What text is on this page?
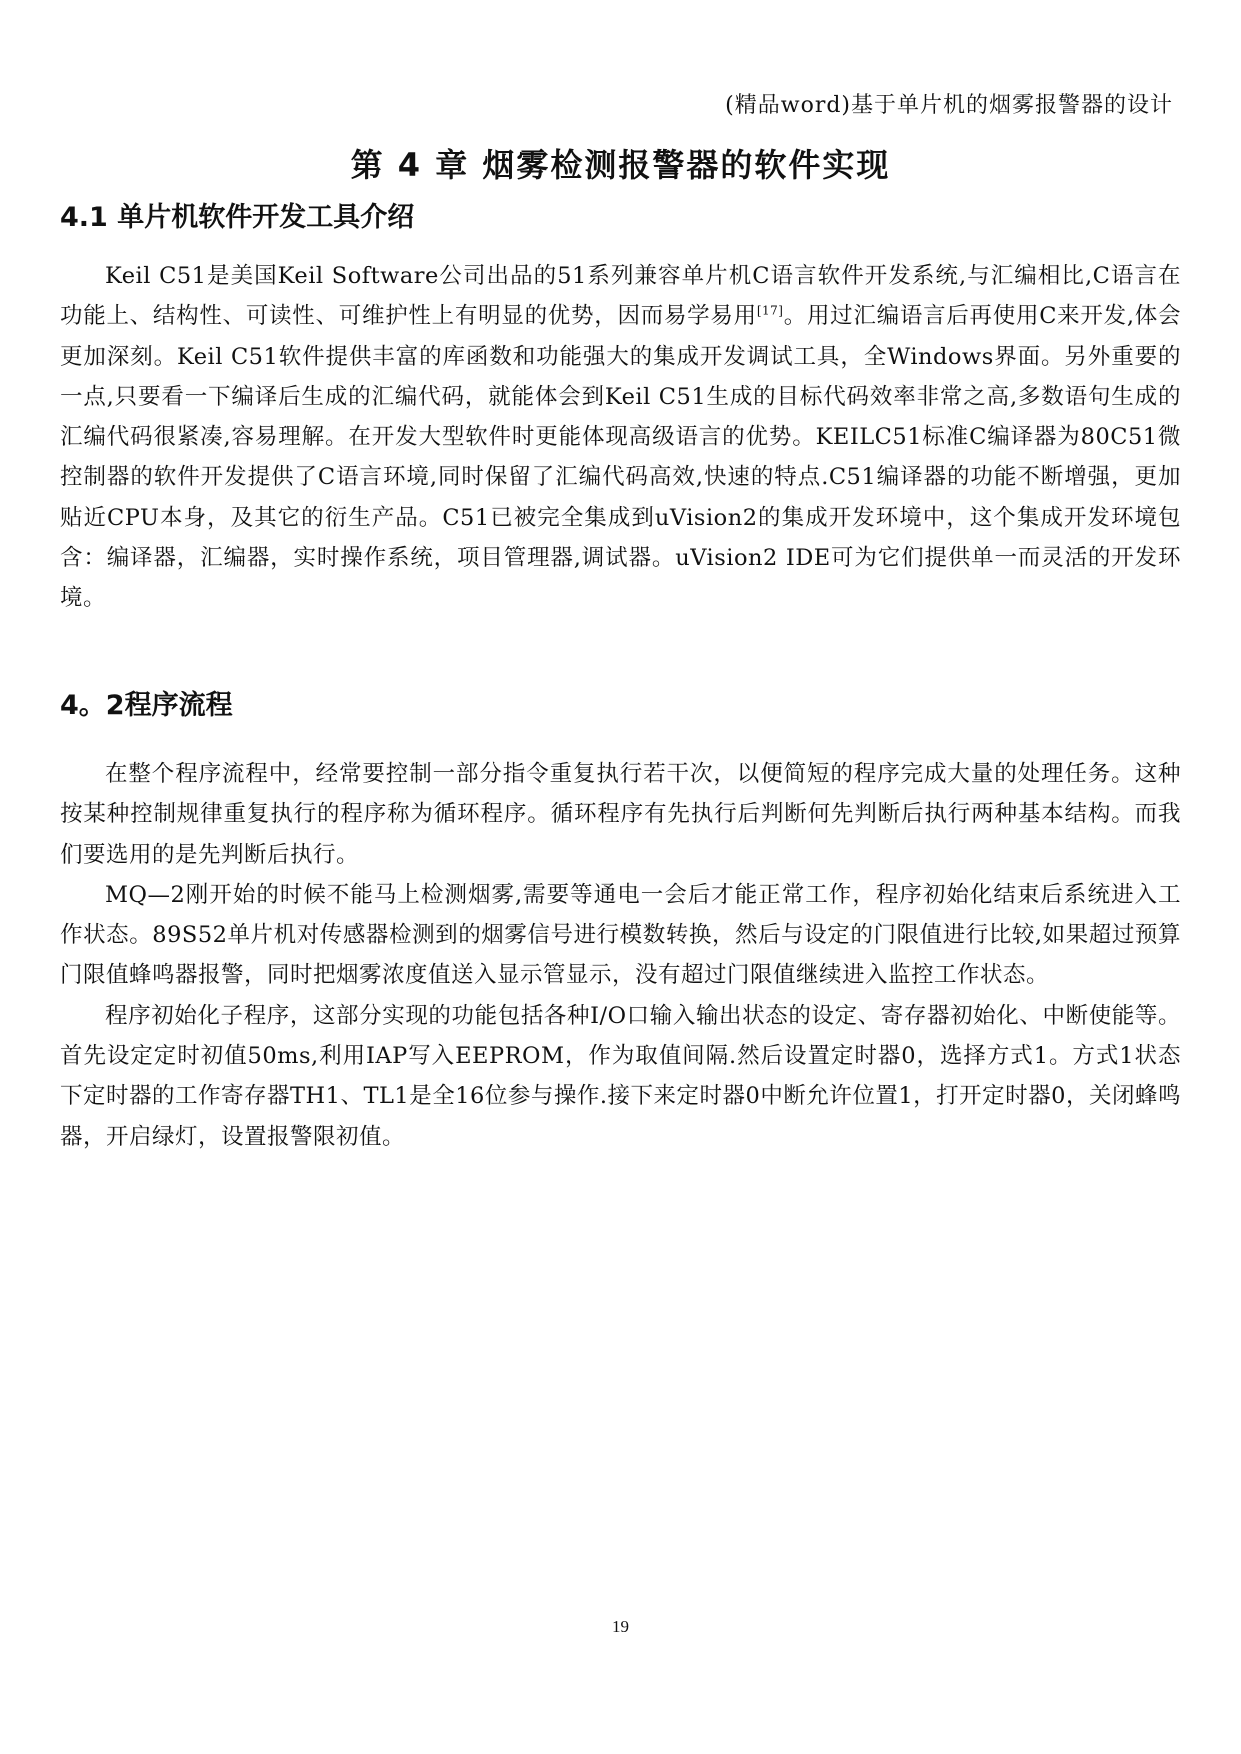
(精品word)基于单片机的烟雾报警器的设计
第 4 章 烟雾检测报警器的软件实现
4.1 单片机软件开发工具介绍

Keil C51是美国Keil Software公司出品的51系列兼容单片机C语言软件开发系统,与汇编相比,C语言在功能上、结构性、可读性、可维护性上有明显的优势，因而易学易用[17]。用过汇编语言后再使用C来开发,体会更加深刻。Keil C51软件提供丰富的库函数和功能强大的集成开发调试工具，全Windows界面。另外重要的一点,只要看一下编译后生成的汇编代码，就能体会到Keil C51生成的目标代码效率非常之高,多数语句生成的汇编代码很紧凑,容易理解。在开发大型软件时更能体现高级语言的优势。KEILC51标准C编译器为80C51微控制器的软件开发提供了C语言环境,同时保留了汇编代码高效,快速的特点.C51编译器的功能不断增强，更加贴近CPU本身，及其它的衍生产品。C51已被完全集成到uVision2的集成开发环境中，这个集成开发环境包含：编译器，汇编器，实时操作系统，项目管理器,调试器。uVision2 IDE可为它们提供单一而灵活的开发环境。

4。2程序流程

在整个程序流程中，经常要控制一部分指令重复执行若干次，以便简短的程序完成大量的处理任务。这种按某种控制规律重复执行的程序称为循环程序。循环程序有先执行后判断何先判断后执行两种基本结构。而我们要选用的是先判断后执行。

MQ—2刚开始的时候不能马上检测烟雾,需要等通电一会后才能正常工作，程序初始化结束后系统进入工作状态。89S52单片机对传感器检测到的烟雾信号进行模数转换，然后与设定的门限值进行比较,如果超过预算门限值蜂鸣器报警，同时把烟雾浓度值送入显示管显示，没有超过门限值继续进入监控工作状态。

程序初始化子程序，这部分实现的功能包括各种I/O口输入输出状态的设定、寄存器初始化、中断使能等。首先设定定时初值50ms,利用IAP写入EEPROM，作为取值间隔.然后设置定时器0，选择方式1。方式1状态下定时器的工作寄存器TH1、TL1是全16位参与操作.接下来定时器0中断允许位置1，打开定时器0，关闭蜂鸣器，开启绿灯，设置报警限初值。

19
